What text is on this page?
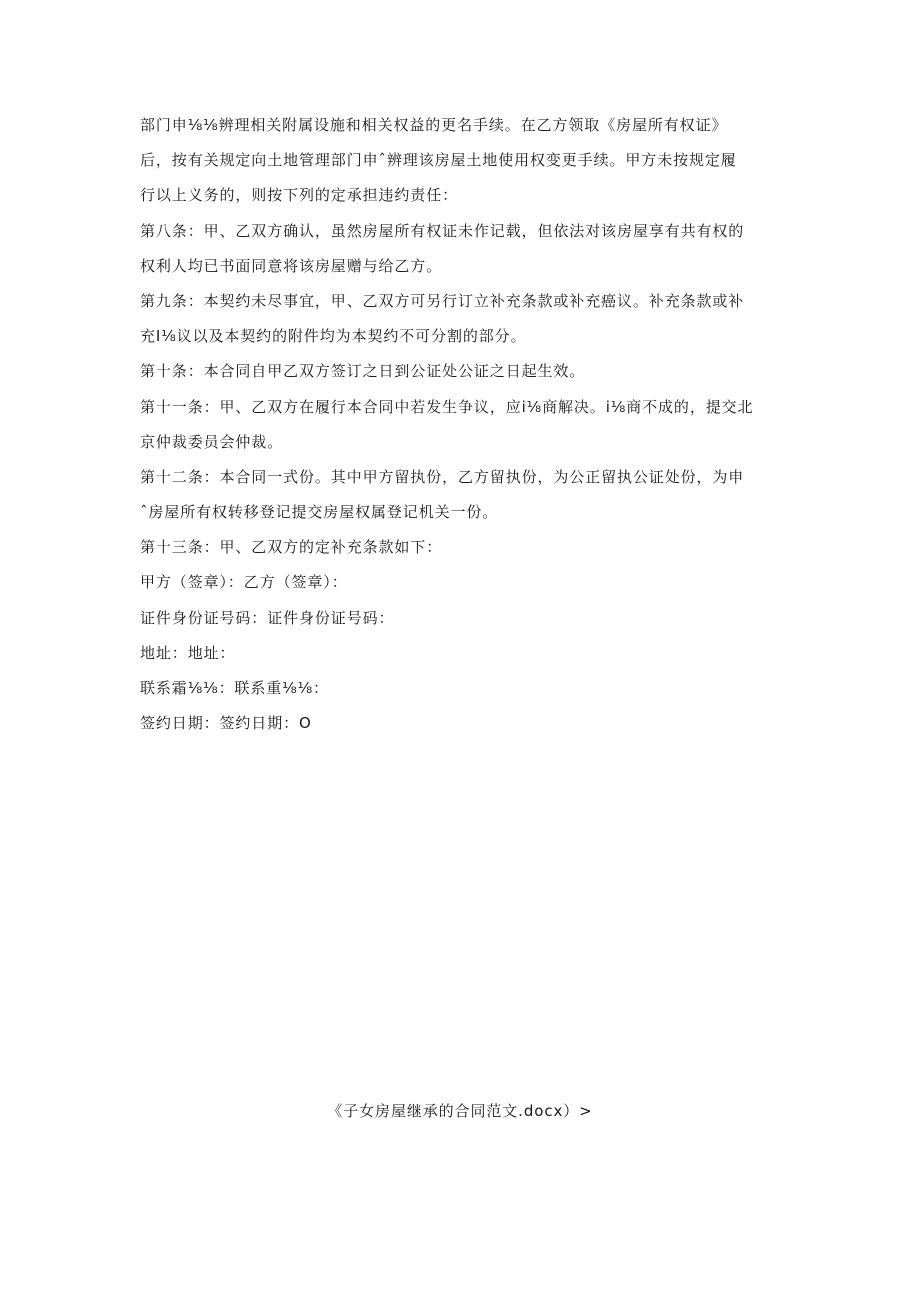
部门申⅛⅛辨理相关附属设施和相关权益的更名手续。在乙方领取《房屋所有权证》
后，按有关规定向土地管理部门申ˆ辨理该房屋土地使用权变更手续。甲方未按规定履
行以上义务的，则按下列的定承担违约责任：
第八条：甲、乙双方确认，虽然房屋所有权证未作记载，但依法对该房屋享有共有权的
权利人均已书面同意将该房屋赠与给乙方。
第九条：本契约未尽事宜，甲、乙双方可另行订立补充条款或补充癌议。补充条款或补
充I⅛议以及本契约的附件均为本契约不可分割的部分。
第十条：本合同自甲乙双方签订之日到公证处公证之日起生效。
第十一条：甲、乙双方在履行本合同中若发生争议，应i⅛商解决。i⅛商不成的，提交北
京仲裁委员会仲裁。
第十二条：本合同一式份。其中甲方留执份，乙方留执份，为公正留执公证处份，为申
ˆ房屋所有权转移登记提交房屋权属登记机关一份。
第十三条：甲、乙双方的定补充条款如下：
甲方（签章）：乙方（签章）：
证件身份证号码：证件身份证号码：
地址：地址：
联系霜⅛⅛：联系重⅛⅛：
签约日期：签约日期：O
《子女房屋继承的合同范文.docx）>
